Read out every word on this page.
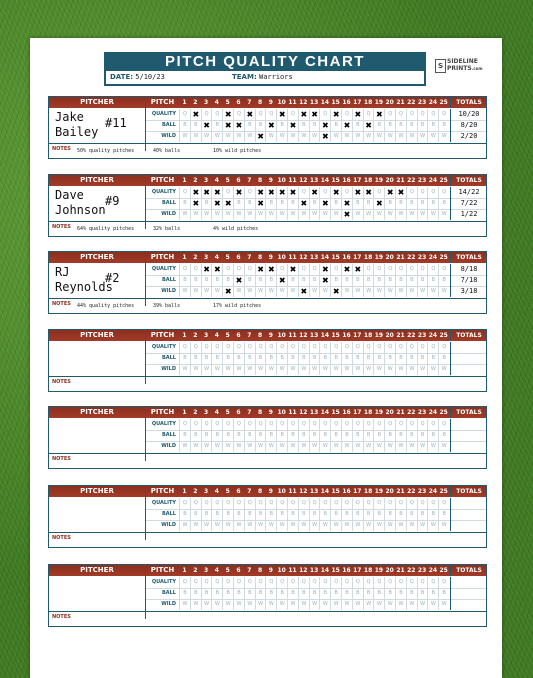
PITCH QUALITY CHART
DATE: 5/10/23	TEAM: Warriors
S
SIDELINE
PRINTS.com
PITCHER
Jake Bailey
#11
PITCH	1	2	3	4	5	6	7	8	9 10 11 12 13 14 15 16 17 18 19 20 21 22 23 24 25	TOTALS
QUALITY	Q ✖	Q	Q ✖	Q ✖	Q	Q ✖	Q ✖ ✖	Q ✖	Q ✖	Q ✖	Q	Q	Q	Q	Q	Q	10/20
BALL	B	B ✖	B ✖ ✖	B	B ✖	B ✖	B	B ✖	B ✖	B ✖	B	B	B	B	B	B	B	8/20
WILD	W	W	W	W	W	W	W ✖ W	W	W	W	W ✖ W	W	W	W	W	W	W	W	W	W	W	2/20
NOTES 50% quality pitches	40% balls	10% wild pitches
PITCHER
Dave Johnson
#9
PITCH	1	2	3	4	5	6	7	8	9 10 11 12 13 14 15 16 17 18 19 20 21 22 23 24 25	TOTALS
QUALITY	Q ✖ ✖ ✖	Q ✖	Q ✖ ✖ ✖ ✖	Q ✖	Q ✖	Q ✖ ✖	Q ✖ ✖	Q	Q	Q	Q	14/22
BALL	B ✖	B ✖ ✖	B	B ✖	B	B	B ✖	B ✖	B ✖	B	B ✖	B	B	B	B	B	B	7/22
WILD	W	W	W	W	W	W	W	W	W	W	W	W	W	W	W ✖ W	W	W	W	W	W	W	W	W	1/22
NOTES 64% quality pitches	32% balls	4% wild pitches
PITCHER
RJ Reynolds
#2
PITCH	1	2	3	4	5	6	7	8	9 10 11 12 13 14 15 16 17 18 19 20 21 22 23 24 25	TOTALS
QUALITY	Q	Q ✖ ✖	Q	Q	Q ✖ ✖	Q ✖	Q	Q ✖	Q ✖ ✖	Q	Q	Q	Q	Q	Q	Q	Q	8/18
BALL	B	B	B	B	B ✖	B	B	B ✖	B	B	B ✖	B	B	B	B	B	B	B	B	B	B	B	7/18
WILD	W	W	W	W ✖ W	W	W	W	W	W ✖ W	W ✖ W	W	W	W	W	W	W	W	W	W	3/18
NOTES 44% quality pitches	39% balls	17% wild pitches
PITCHER	PITCH	1	2	3	4	5	6	7	8	9 10 11 12 13 14 15 16 17 18 19 20 21 22 23 24 25	TOTALS
QUALITY	Q	Q	Q	Q	Q	Q	Q	Q	Q	Q	Q	Q	Q	Q	Q	Q	Q	Q	Q	Q	Q	Q	Q	Q	Q
BALL	B	B	B	B	B	B	B	B	B	B	B	B	B	B	B	B	B	B	B	B	B	B	B	B	B
WILD	W	W	W	W	W	W	W	W	W	W	W	W	W	W	W	W	W	W	W	W	W	W	W	W	W
NOTES
PITCHER	PITCH	1	2	3	4	5	6	7	8	9 10 11 12 13 14 15 16 17 18 19 20 21 22 23 24 25	TOTALS
QUALITY	Q	Q	Q	Q	Q	Q	Q	Q	Q	Q	Q	Q	Q	Q	Q	Q	Q	Q	Q	Q	Q	Q	Q	Q	Q
BALL	B	B	B	B	B	B	B	B	B	B	B	B	B	B	B	B	B	B	B	B	B	B	B	B	B
WILD	W	W	W	W	W	W	W	W	W	W	W	W	W	W	W	W	W	W	W	W	W	W	W	W	W
NOTES
PITCHER	PITCH	1	2	3	4	5	6	7	8	9 10 11 12 13 14 15 16 17 18 19 20 21 22 23 24 25	TOTALS
QUALITY	Q	Q	Q	Q	Q	Q	Q	Q	Q	Q	Q	Q	Q	Q	Q	Q	Q	Q	Q	Q	Q	Q	Q	Q	Q
BALL	B	B	B	B	B	B	B	B	B	B	B	B	B	B	B	B	B	B	B	B	B	B	B	B	B
WILD	W	W	W	W	W	W	W	W	W	W	W	W	W	W	W	W	W	W	W	W	W	W	W	W	W
NOTES
PITCHER	PITCH	1	2	3	4	5	6	7	8	9 10 11 12 13 14 15 16 17 18 19 20 21 22 23 24 25	TOTALS
QUALITY	Q	Q	Q	Q	Q	Q	Q	Q	Q	Q	Q	Q	Q	Q	Q	Q	Q	Q	Q	Q	Q	Q	Q	Q	Q
BALL	B	B	B	B	B	B	B	B	B	B	B	B	B	B	B	B	B	B	B	B	B	B	B	B	B
WILD	W	W	W	W	W	W	W	W	W	W	W	W	W	W	W	W	W	W	W	W	W	W	W	W	W
NOTES
